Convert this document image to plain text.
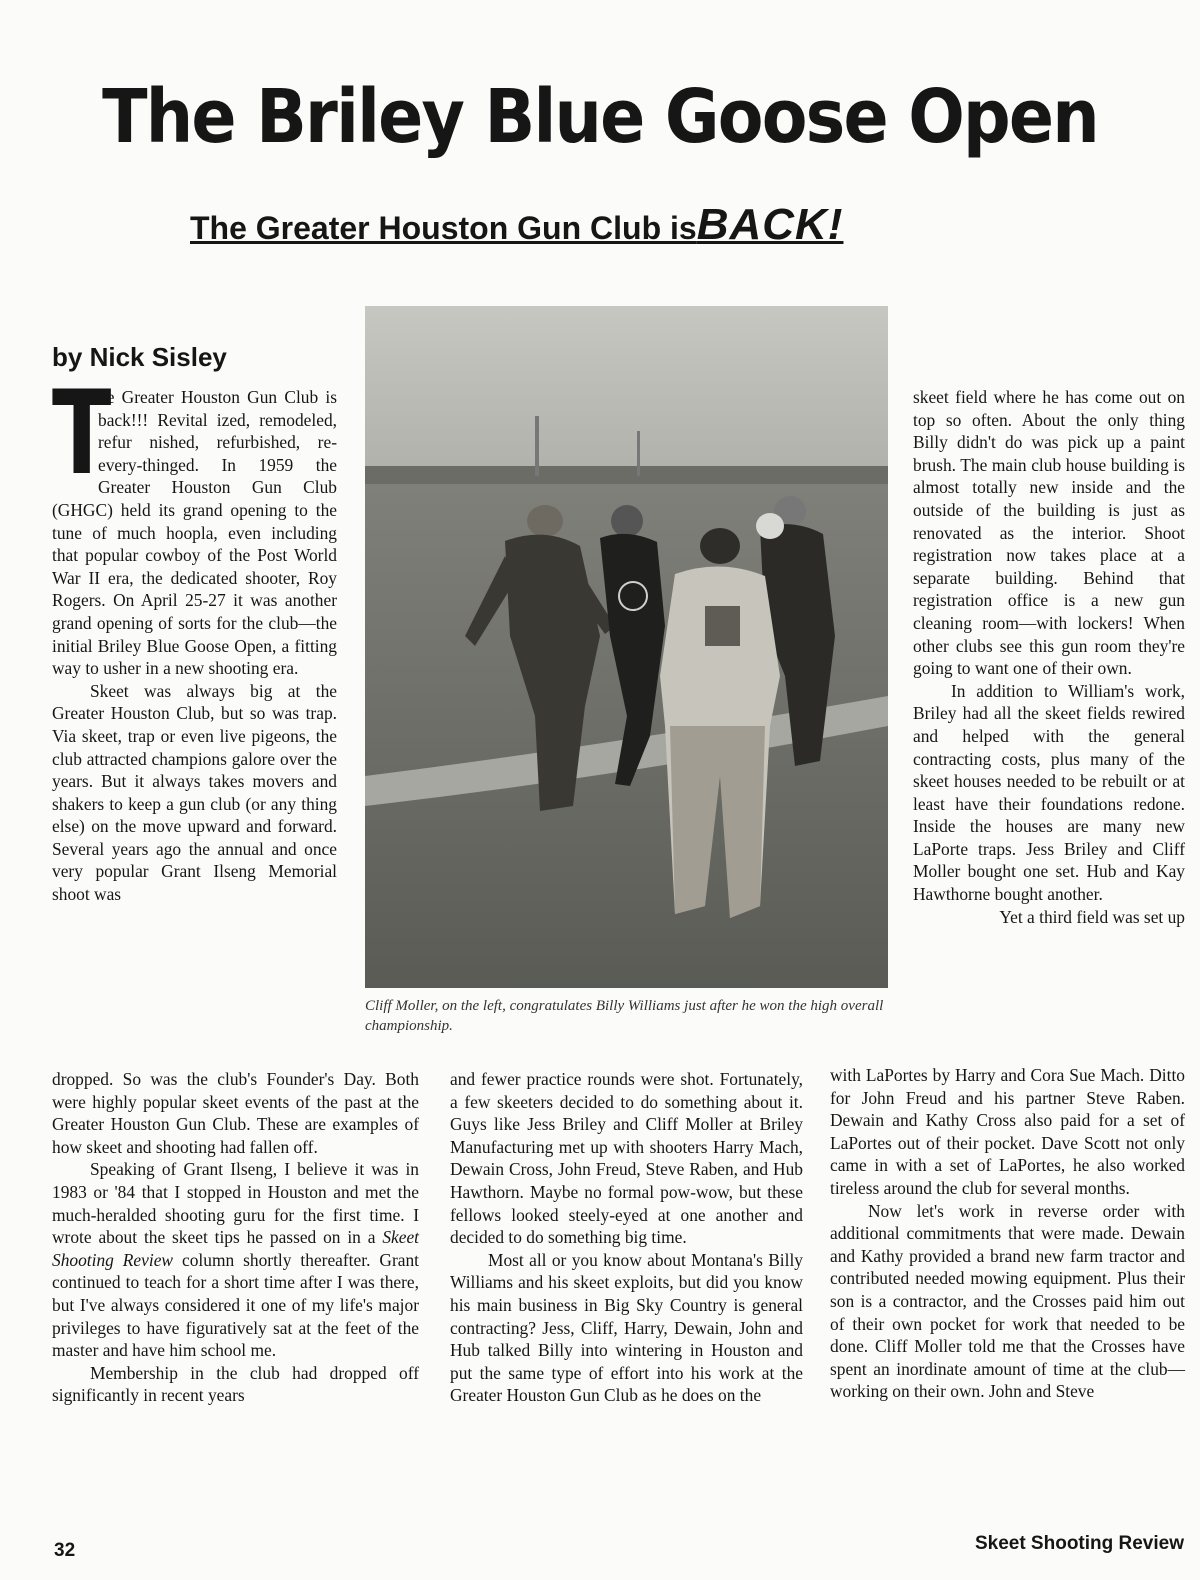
The Briley Blue Goose Open
The Greater Houston Gun Club isBACK!
by Nick Sisley

T
he Greater Houston Gun Club is back!!! Revital ized, remodeled, refur nished, refurbished, re-every-thinged. In 1959 the Greater Houston Gun Club (GHGC) held its grand opening to the tune of much hoopla, even including that popular cowboy of the Post World War II era, the dedicated shooter, Roy Rogers. On April 25-27 it was another grand opening of sorts for the club—the initial Briley Blue Goose Open, a fitting way to usher in a new shooting era.

Skeet was always big at the Greater Houston Club, but so was trap. Via skeet, trap or even live pigeons, the club attracted champions galore over the years. But it always takes movers and shakers to keep a gun club (or any thing else) on the move upward and forward. Several years ago the annual and once very popular Grant Ilseng Memorial shoot was

dropped. So was the club's Founder's Day. Both were highly popular skeet events of the past at the Greater Houston Gun Club. These are examples of how skeet and shooting had fallen off.

Speaking of Grant Ilseng, I believe it was in 1983 or '84 that I stopped in Houston and met the much-heralded shooting guru for the first time. I wrote about the skeet tips he passed on in a Skeet Shooting Review column shortly thereafter. Grant continued to teach for a short time after I was there, but I've always considered it one of my life's major privileges to have figuratively sat at the feet of the master and have him school me.

Membership in the club had dropped off significantly in recent years

Cliff Moller, on the left, congratulates Billy Williams just after he won the high overall championship.

and fewer practice rounds were shot. Fortunately, a few skeeters decided to do something about it. Guys like Jess Briley and Cliff Moller at Briley Manufacturing met up with shooters Harry Mach, Dewain Cross, John Freud, Steve Raben, and Hub Hawthorn. Maybe no formal pow-wow, but these fellows looked steely-eyed at one another and decided to do something big time.

Most all or you know about Montana's Billy Williams and his skeet exploits, but did you know his main business in Big Sky Country is general contracting? Jess, Cliff, Harry, Dewain, John and Hub talked Billy into wintering in Houston and put the same type of effort into his work at the Greater Houston Gun Club as he does on the

skeet field where he has come out on top so often. About the only thing Billy didn't do was pick up a paint brush. The main club house building is almost totally new inside and the outside of the building is just as renovated as the interior. Shoot registration now takes place at a separate building. Behind that registration office is a new gun cleaning room—with lockers! When other clubs see this gun room they're going to want one of their own.

In addition to William's work, Briley had all the skeet fields rewired and helped with the general contracting costs, plus many of the skeet houses needed to be rebuilt or at least have their foundations redone. Inside the houses are many new LaPorte traps. Jess Briley and Cliff Moller bought one set. Hub and Kay Hawthorne bought another.

Yet a third field was set up

with LaPortes by Harry and Cora Sue Mach. Ditto for John Freud and his partner Steve Raben. Dewain and Kathy Cross also paid for a set of LaPortes out of their pocket. Dave Scott not only came in with a set of LaPortes, he also worked tireless around the club for several months.

Now let's work in reverse order with additional commitments that were made. Dewain and Kathy provided a brand new farm tractor and contributed needed mowing equipment. Plus their son is a contractor, and the Crosses paid him out of their own pocket for work that needed to be done. Cliff Moller told me that the Crosses have spent an inordinate amount of time at the club—working on their own. John and Steve

32	Skeet Shooting Review
